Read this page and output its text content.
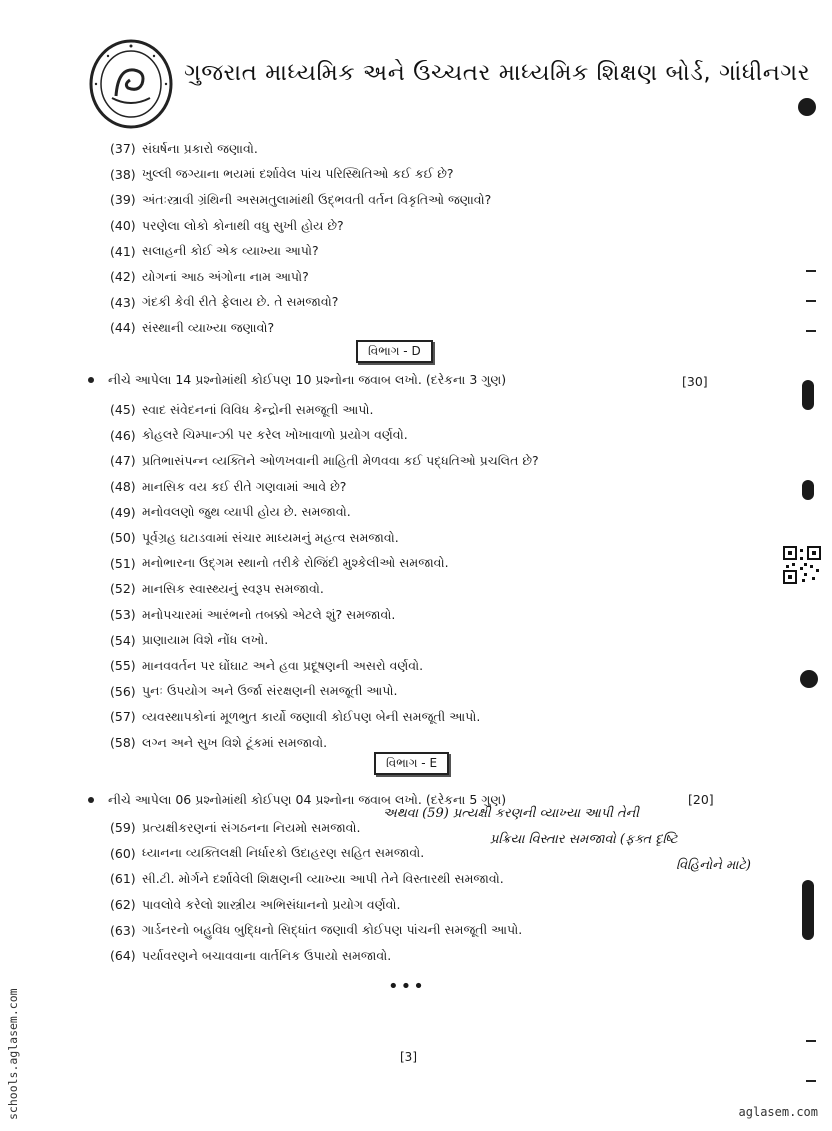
ગુજરાત માધ્યમિક અને ઉચ્ચતર માધ્યમિક શિક્ષણ બોર્ડ, ગાંધીનગર
(37) સંઘર્ષના પ્રકારો જણાવો.
(38) ખુલ્લી જગ્યાના ભયમાં દર્શાવેલ પાંચ પરિસ્થિતિઓ કઈ કઈ છે?
(39) અંતઃસ્ત્રાવી ગ્રંથિની અસમતુલામાંથી ઉદ્‌ભવતી વર્તન વિકૃતિઓ જણાવો?
(40) પરણેલા લોકો કોનાથી વધુ સુખી હોય છે?
(41) સલાહની કોઈ એક વ્યાખ્યા આપો?
(42) યોગનાં આઠ અંગોના નામ આપો?
(43) ગંદકી કેવી રીતે ફેલાય છે. તે સમજાવો?
(44) સંસ્થાની વ્યાખ્યા જણાવો?
વિભાગ - D
નીચે આપેલા 14 પ્રશ્નોમાંથી કોઈપણ 10 પ્રશ્નોના જવાબ લખો. (દરેકના 3 ગુણ)	[30]
(45) સ્વાદ સંવેદનનાં વિવિધ કેન્દ્રોની સમજૂતી આપો.
(46) કોહલરે ચિમ્પાન્ઝી પર કરેલ ખોખાવાળો પ્રયોગ વર્ણવો.
(47) પ્રતિભાસંપન્ન વ્યક્તિને ઓળખવાની માહિતી મેળવવા કઈ પદ્ધતિઓ પ્રચલિત છે?
(48) માનસિક વય કઈ રીતે ગણવામાં આવે છે?
(49) મનોવલણો જુથ વ્યાપી હોય છે. સમજાવો.
(50) પૂર્વગ્રહ ઘટાડવામાં સંચાર માધ્યમનું મહત્વ સમજાવો.
(51) મનોભારના ઉદ્‌ગમ સ્થાનો તરીકે રોજિંદી મુશ્કેલીઓ સમજાવો.
(52) માનસિક સ્વાસ્થ્યનું સ્વરૂપ સમજાવો.
(53) મનોપચારમાં આરંભનો તબક્કો એટલે શું? સમજાવો.
(54) પ્રાણાયામ વિશે નોંધ લખો.
(55) માનવવર્તન પર ઘોંઘાટ અને હવા પ્રદૂષણની અસરો વર્ણવો.
(56) પુનઃ ઉપયોગ અને ઉર્જા સંરક્ષણની સમજૂતી આપો.
(57) વ્યવસ્થાપકોનાં મૂળભુત કાર્યો જણાવી કોઈપણ બેની સમજૂતી આપો.
(58) લગ્ન અને સુખ વિશે ટૂંકમાં સમજાવો.
વિભાગ - E
નીચે આપેલા 06 પ્રશ્નોમાંથી કોઈપણ 04 પ્રશ્નોના જવાબ લખો. (દરેકના 5 ગુણ)	[20]
(59) પ્રત્યક્ષીકરણનાં સંગઠનના નિયમો સમજાવો.
(60) ધ્યાનના વ્યક્તિલક્ષી નિર્ધારકો ઉદાહરણ સહિત સમજાવો.
(61) સી.ટી. મોર્ગને દર્શાવેલી શિક્ષણની વ્યાખ્યા આપી તેને વિસ્તારથી સમજાવો.
(62) પાવલોવે કરેલો શાસ્ત્રીય અભિસંધાનનો પ્રયોગ વર્ણવો.
(63) ગાર્ડનરનો બહુવિધ બુદ્ધિનો સિદ્ધાંત જણાવી કોઈપણ પાંચની સમજૂતી આપો.
(64) પર્યાવરણને બચાવવાના વાર્તનિક ઉપાયો સમજાવો.
અથવા (59) પ્રત્યક્ષી કરણની વ્યાખ્યા આપી તેની
પ્રક્રિયા વિસ્તાર સમજાવો (ફક્ત દૃષ્ટિ
વિહિનોને માટે)
•••
[3]
schools.aglasem.com	aglasem.com
